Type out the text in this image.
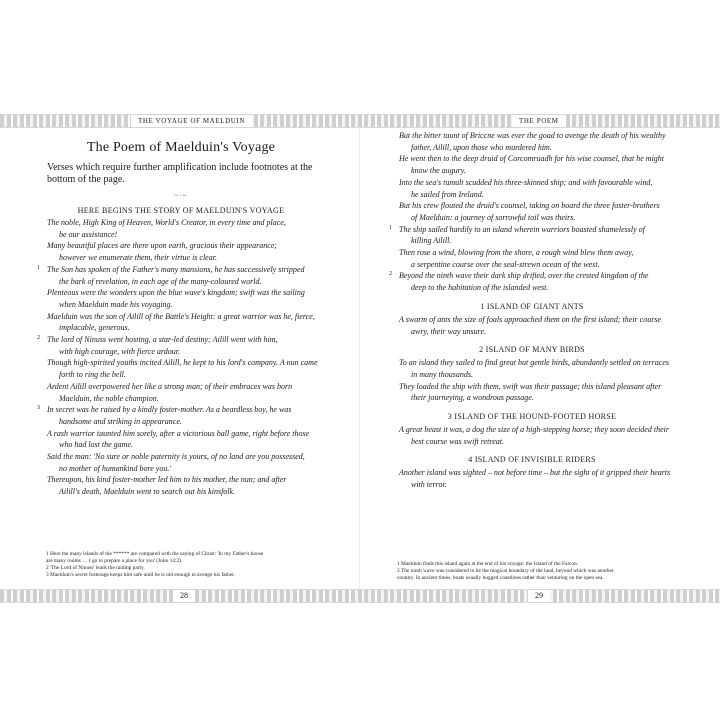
THE VOYAGE OF MAELDUIN	THE POEM
The Poem of Maelduin's Voyage
Verses which require further amplification include footnotes at the bottom of the page.
~·~
HERE BEGINS THE STORY OF MAELDUIN'S VOYAGE
The noble, High King of Heaven, World's Creator, in every time and place,
be our assistance!
Many beautiful places are there upon earth, gracious their appearance;
however we enumerate them, their virtue is clear.
1 The Son has spoken of the Father's many mansions, he has successively stripped
the bark of revelation, in each age of the many-coloured world.
Plenteous were the wonders upon the blue wave's kingdom; swift was the sailing
when Maelduin made his voyaging.
Maelduin was the son of Ailill of the Battle's Height: a great warrior was he, fierce,
implacable, generous.
2 The lord of Ninuss went hosting, a star-led destiny; Ailill went with him,
with high courage, with fierce ardour.
Though high-spirited youths incited Ailill, he kept to his lord's company. A nun came
forth to ring the bell.
Ardent Ailill overpowered her like a strong man; of their embraces was born
Maelduin, the noble champion.
3 In secret was he raised by a kindly foster-mother. As a beardless boy, he was
handsome and striking in appearance.
A rash warrior taunted him sorely, after a victorious ball game, right before those
who had lost the game.
Said the man: 'No sure or noble paternity is yours, of no land are you possessed,
no mother of humankind bore you.'
Thereupon, his kind foster-mother led him to his mother, the nun; and after
Ailill's death, Maelduin went to search out his kinsfolk.
1 Here the many islands of the ****** are compared with the saying of Christ: 'In my Father's house
are many rooms … I go to prepare a place for you' (John 14:2).
2 'The Lord of Ninuss' leads the raiding party.
3 Maelduin's secret fosterage keeps him safe until he is old enough to avenge his father.
But the bitter taunt of Briccne was ever the goad to avenge the death of his wealthy
father, Ailill, upon those who murdered him.
He went then to the deep druid of Corcomruadh for his wise counsel, that he might
know the augury.
Into the sea's tumult scudded his three-skinned ship; and with favourable wind,
he sailed from Ireland.
But his crew flouted the druid's counsel, taking on board the three foster-brothers
of Maelduin: a journey of sorrowful toil was theirs.
1 The ship sailed hardily to an island wherein warriors boasted shamelessly of
killing Ailill.
Then rose a wind, blowing from the shore, a rough wind blew them away,
a serpentine course over the seal-strewn ocean of the west.
2 Beyond the ninth wave their dark ship drifted, over the crested kingdom of the
deep to the habitation of the islanded west.
1 ISLAND OF GIANT ANTS
A swarm of ants the size of foals approached them on the first island; their course
awry, their way unsure.
2 ISLAND OF MANY BIRDS
To an island they sailed to find great but gentle birds, abundantly settled on terraces
in many thousands.
They loaded the ship with them, swift was their passage; this island pleasant after
their journeying, a wondrous passage.
3 ISLAND OF THE HOUND-FOOTED HORSE
A great beast it was, a dog the size of a high-stepping horse; they soon decided their
best course was swift retreat.
4 ISLAND OF INVISIBLE RIDERS
Another island was sighted – not before time – but the sight of it gripped their hearts
with terror.
1 Maelduin finds this island again at the end of his voyage: the Island of the Falcon.
2 The ninth wave was considered to be the magical boundary of the land, beyond which was another
country. In ancient times, boats usually hugged coastlines rather than venturing on the open sea.
28	29
